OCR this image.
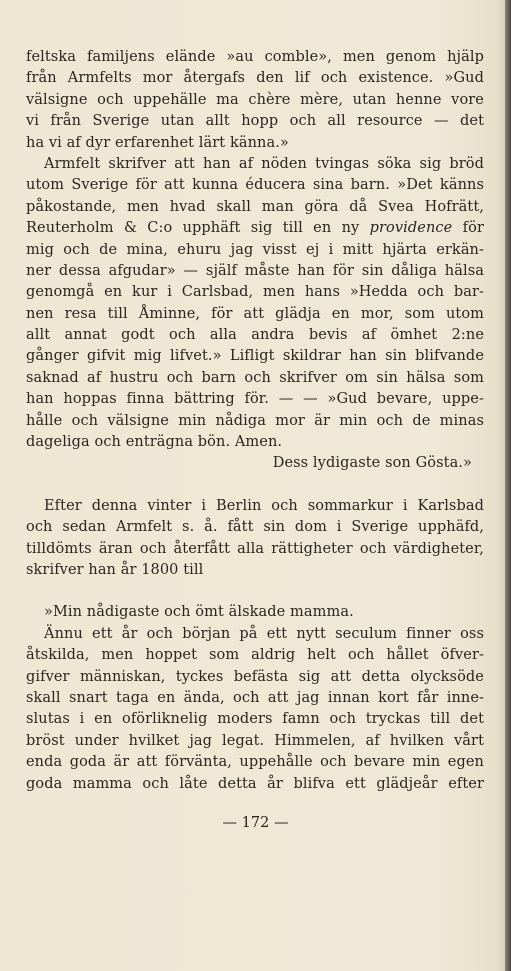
feltska familjens elände »au comble», men genom hjälp
från Armfelts mor återgafs den lif och existence. »Gud
välsigne och uppehälle ma chère mère, utan henne vore
vi från Sverige utan allt hopp och all resource — det
ha vi af dyr erfarenhet lärt känna.»
Armfelt skrifver att han af nöden tvingas söka sig bröd
utom Sverige för att kunna éducera sina barn. »Det känns
påkostande, men hvad skall man göra då Svea Hofrätt,
Reuterholm & C:o upphäft sig till en ny providence för
mig och de mina, ehuru jag visst ej i mitt hjärta erkän-
ner dessa afgudar» — själf måste han för sin dåliga hälsa
genomgå en kur i Carlsbad, men hans »Hedda och bar-
nen resa till Åminne, för att glädja en mor, som utom
allt annat godt och alla andra bevis af ömhet 2:ne
gånger gifvit mig lifvet.» Lifligt skildrar han sin blifvande
saknad af hustru och barn och skrifver om sin hälsa som
han hoppas finna bättring för. — — »Gud bevare, uppe-
hålle och välsigne min nådiga mor är min och de minas
dageliga och enträgna bön. Amen.
Dess lydigaste son Gösta.»
Efter denna vinter i Berlin och sommarkur i Karlsbad
och sedan Armfelt s. å. fått sin dom i Sverige upphäfd,
tilldömts äran och återfått alla rättigheter och värdigheter,
skrifver han år 1800 till
»Min nådigaste och ömt älskade mamma.
Ännu ett år och början på ett nytt seculum finner oss
åtskilda, men hoppet som aldrig helt och hållet öfver-
gifver människan, tyckes befästa sig att detta olycksöde
skall snart taga en ända, och att jag innan kort får inne-
slutas i en oförliknelig moders famn och tryckas till det
bröst under hvilket jag legat. Himmelen, af hvilken vårt
enda goda är att förvänta, uppehålle och bevare min egen
goda mamma och låte detta år blifva ett glädjeår efter
— 172 —
